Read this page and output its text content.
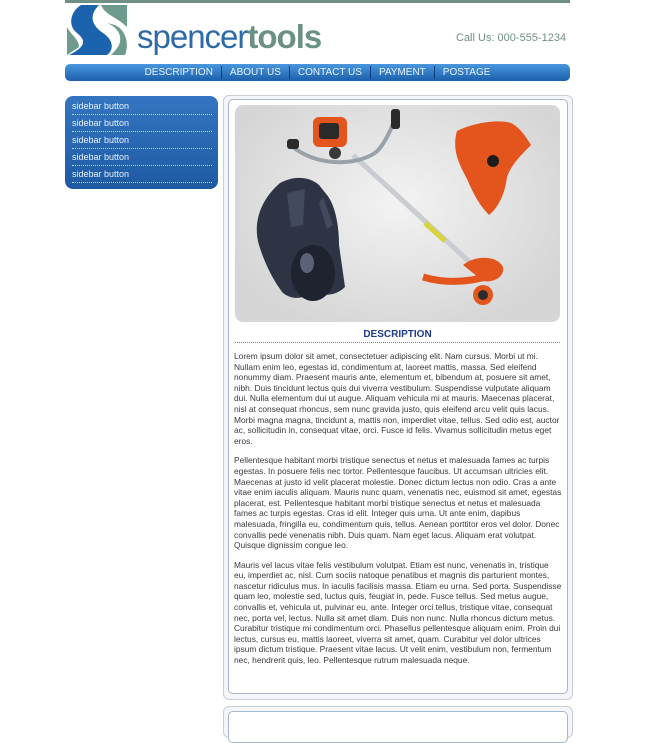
spencertools	Call Us: 000-555-1234
DESCRIPTION	ABOUT US	CONTACT US	PAYMENT	POSTAGE
sidebar button
sidebar button
sidebar button
sidebar button
sidebar button
DESCRIPTION

Lorem ipsum dolor sit amet, consectetuer adipiscing elit. Nam cursus. Morbi ut mi. Nullam enim leo, egestas id, condimentum at, laoreet mattis, massa. Sed eleifend nonummy diam. Praesent mauris ante, elementum et, bibendum at, posuere sit amet, nibh. Duis tincidunt lectus quis dui viverra vestibulum. Suspendisse vulputate aliquam dui. Nulla elementum dui ut augue. Aliquam vehicula mi at mauris. Maecenas placerat, nisl at consequat rhoncus, sem nunc gravida justo, quis eleifend arcu velit quis lacus. Morbi magna magna, tincidunt a, mattis non, imperdiet vitae, tellus. Sed odio est, auctor ac, sollicitudin in, consequat vitae, orci. Fusce id felis. Vivamus sollicitudin metus eget eros.

Pellentesque habitant morbi tristique senectus et netus et malesuada fames ac turpis egestas. In posuere felis nec tortor. Pellentesque faucibus. Ut accumsan ultricies elit. Maecenas at justo id velit placerat molestie. Donec dictum lectus non odio. Cras a ante vitae enim iaculis aliquam. Mauris nunc quam, venenatis nec, euismod sit amet, egestas placerat, est. Pellentesque habitant morbi tristique senectus et netus et malesuada fames ac turpis egestas. Cras id elit. Integer quis urna. Ut ante enim, dapibus malesuada, fringilla eu, condimentum quis, tellus. Aenean porttitor eros vel dolor. Donec convallis pede venenatis nibh. Duis quam. Nam eget lacus. Aliquam erat volutpat. Quisque dignissim congue leo.

Mauris vel lacus vitae felis vestibulum volutpat. Etiam est nunc, venenatis in, tristique eu, imperdiet ac, nisl. Cum sociis natoque penatibus et magnis dis parturient montes, nascetur ridiculus mus. In iaculis facilisis massa. Etiam eu urna. Sed porta. Suspendisse quam leo, molestie sed, luctus quis, feugiat in, pede. Fusce tellus. Sed metus augue, convallis et, vehicula ut, pulvinar eu, ante. Integer orci tellus, tristique vitae, consequat nec, porta vel, lectus. Nulla sit amet diam. Duis non nunc. Nulla rhoncus dictum metus. Curabitur tristique mi condimentum orci. Phasellus pellentesque aliquam enim. Proin dui lectus, cursus eu, mattis laoreet, viverra sit amet, quam. Curabitur vel dolor ultrices ipsum dictum tristique. Praesent vitae lacus. Ut velit enim, vestibulum non, fermentum nec, hendrerit quis, leo. Pellentesque rutrum malesuada neque.
